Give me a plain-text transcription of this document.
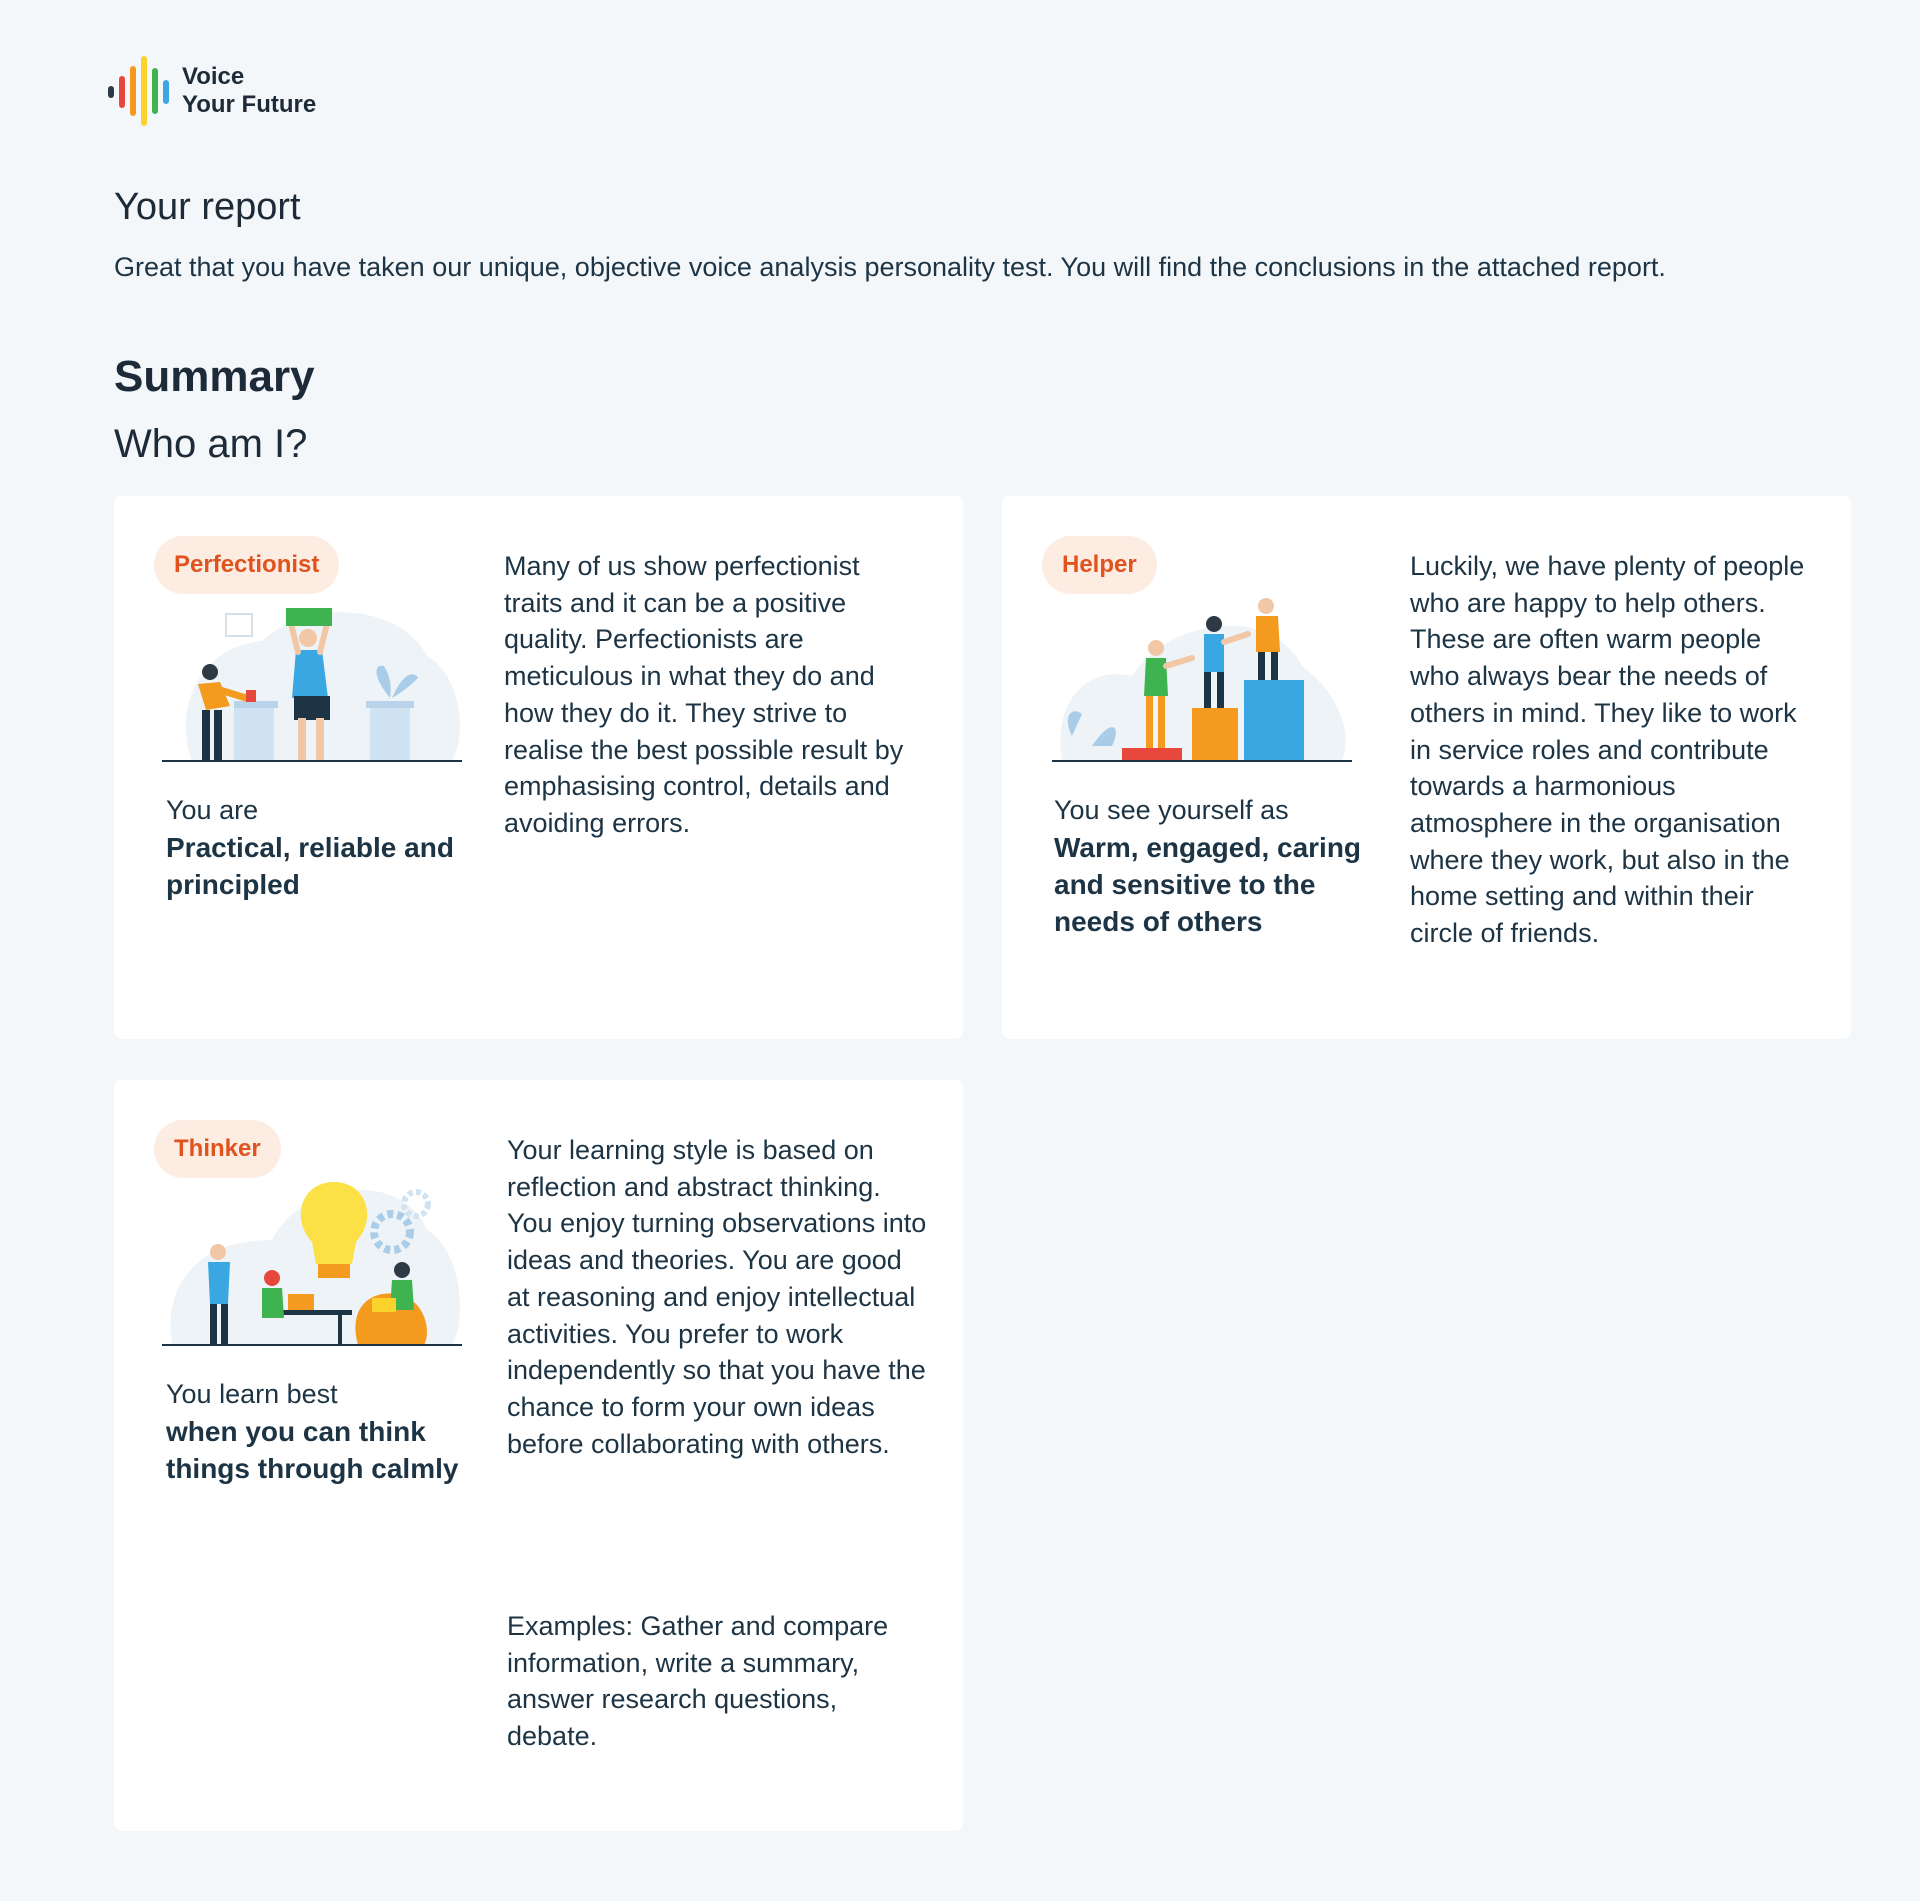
Voice
Your Future
Your report

Great that you have taken our unique, objective voice analysis personality test. You will find the conclusions in the attached report.

Summary
Who am I?
Perfectionist

You are

Practical, reliable and principled

Many of us show perfectionist traits and it can be a positive quality. Perfectionists are meticulous in what they do and how they do it. They strive to realise the best possible result by emphasising control, details and avoiding errors.

Helper

You see yourself as

Warm, engaged, caring and sensitive to the needs of others

Luckily, we have plenty of people who are happy to help others. These are often warm people who always bear the needs of others in mind. They like to work in service roles and contribute towards a harmonious atmosphere in the organisation where they work, but also in the home setting and within their circle of friends.

Thinker

You learn best

when you can think things through calmly

Your learning style is based on reflection and abstract thinking. You enjoy turning observations into ideas and theories. You are good at reasoning and enjoy intellectual activities. You prefer to work independently so that you have the chance to form your own ideas before collaborating with others.

Examples: Gather and compare information, write a summary, answer research questions, debate.
